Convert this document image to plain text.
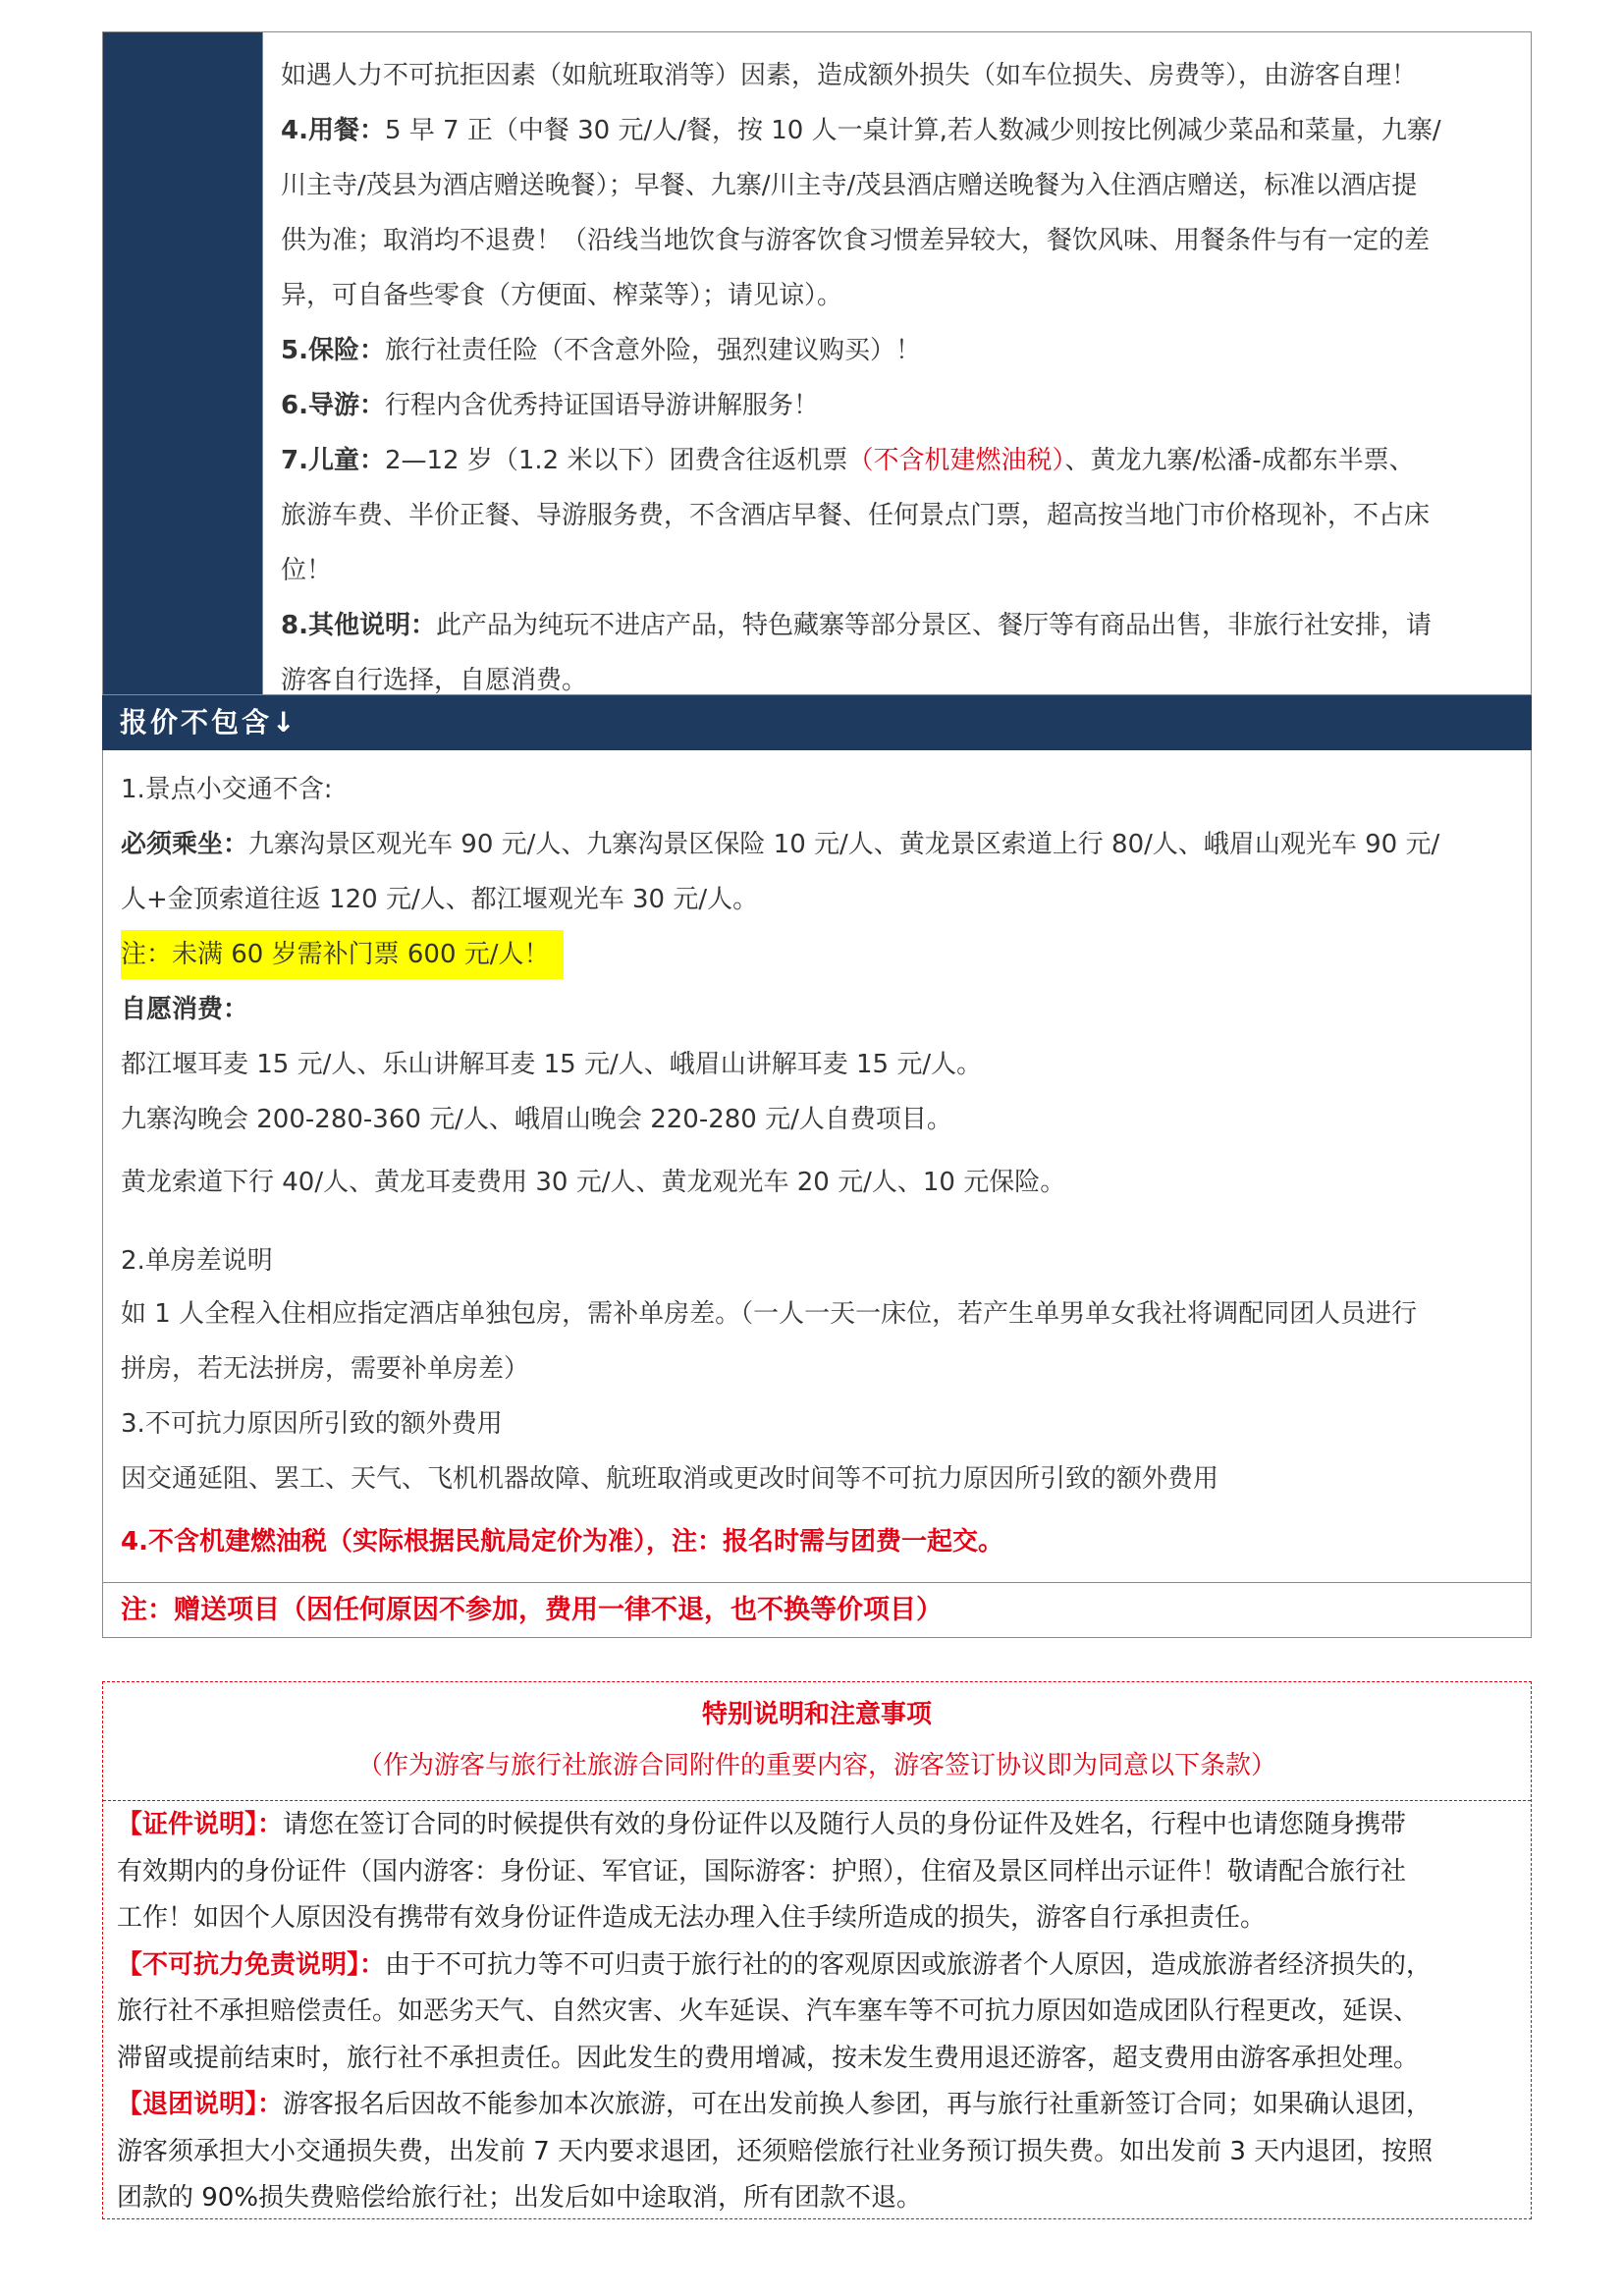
如遇人力不可抗拒因素（如航班取消等）因素，造成额外损失（如车位损失、房费等），由游客自理！
4.用餐：5 早 7 正（中餐 30 元/人/餐，按 10 人一桌计算,若人数减少则按比例减少菜品和菜量，九寨/
川主寺/茂县为酒店赠送晚餐）；早餐、九寨/川主寺/茂县酒店赠送晚餐为入住酒店赠送，标准以酒店提
供为准；取消均不退费！（沿线当地饮食与游客饮食习惯差异较大，餐饮风味、用餐条件与有一定的差
异，可自备些零食（方便面、榨菜等）；请见谅）。
5.保险：旅行社责任险（不含意外险，强烈建议购买）！
6.导游：行程内含优秀持证国语导游讲解服务！
7.儿童：2—12 岁（1.2 米以下）团费含往返机票（不含机建燃油税）、黄龙九寨/松潘-成都东半票、
旅游车费、半价正餐、导游服务费，不含酒店早餐、任何景点门票，超高按当地门市价格现补，不占床
位！
8.其他说明：此产品为纯玩不进店产品，特色藏寨等部分景区、餐厅等有商品出售，非旅行社安排，请
游客自行选择，自愿消费。
报价不包含↓
1.景点小交通不含:
必须乘坐：九寨沟景区观光车 90 元/人、九寨沟景区保险 10 元/人、黄龙景区索道上行 80/人、峨眉山观光车 90 元/
人+金顶索道往返 120 元/人、都江堰观光车 30 元/人。
注：未满 60 岁需补门票 600 元/人！
自愿消费：
都江堰耳麦 15 元/人、乐山讲解耳麦 15 元/人、峨眉山讲解耳麦 15 元/人。
九寨沟晚会 200-280-360 元/人、峨眉山晚会 220-280 元/人自费项目。
黄龙索道下行 40/人、黄龙耳麦费用 30 元/人、黄龙观光车 20 元/人、10 元保险。
2.单房差说明
如 1 人全程入住相应指定酒店单独包房，需补单房差。（一人一天一床位，若产生单男单女我社将调配同团人员进行
拼房，若无法拼房，需要补单房差）
3.不可抗力原因所引致的额外费用
因交通延阻、罢工、天气、飞机机器故障、航班取消或更改时间等不可抗力原因所引致的额外费用
4.不含机建燃油税（实际根据民航局定价为准），注：报名时需与团费一起交。
注：赠送项目（因任何原因不参加，费用一律不退，也不换等价项目）
特别说明和注意事项
（作为游客与旅行社旅游合同附件的重要内容，游客签订协议即为同意以下条款）
【证件说明】：请您在签订合同的时候提供有效的身份证件以及随行人员的身份证件及姓名，行程中也请您随身携带
有效期内的身份证件（国内游客：身份证、军官证，国际游客：护照），住宿及景区同样出示证件！敬请配合旅行社
工作！如因个人原因没有携带有效身份证件造成无法办理入住手续所造成的损失，游客自行承担责任。
【不可抗力免责说明】：由于不可抗力等不可归责于旅行社的的客观原因或旅游者个人原因，造成旅游者经济损失的，
旅行社不承担赔偿责任。如恶劣天气、自然灾害、火车延误、汽车塞车等不可抗力原因如造成团队行程更改，延误、
滞留或提前结束时，旅行社不承担责任。因此发生的费用增减，按未发生费用退还游客，超支费用由游客承担处理。
【退团说明】：游客报名后因故不能参加本次旅游，可在出发前换人参团，再与旅行社重新签订合同；如果确认退团，
游客须承担大小交通损失费，出发前 7 天内要求退团，还须赔偿旅行社业务预订损失费。如出发前 3 天内退团，按照
团款的 90%损失费赔偿给旅行社；出发后如中途取消，所有团款不退。
